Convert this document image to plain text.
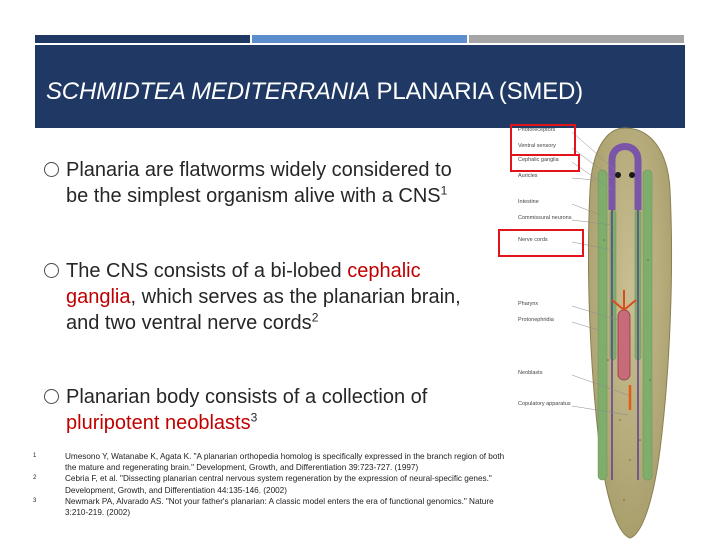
SCHMIDTEA MEDITERRANIA PLANARIA (SMED)
Planaria are flatworms widely considered to be the simplest organism alive with a CNS$^1$
The CNS consists of a bi-lobed cephalic ganglia, which serves as the planarian brain, and two ventral nerve cords$^2$
Planarian body consists of a collection of pluripotent neoblasts$^3$
1	Umesono Y, Watanabe K, Agata K. "A planarian orthopedia homolog is specifically expressed in the branch region of both the mature and regenerating brain." Development, Growth, and Differentiation 39:723-727. (1997)
2	Cebria F, et al. "Dissecting planarian central nervous system regeneration by the expression of neural-specific genes." Development, Growth, and Differentiation 44:135-146. (2002)
3	Newmark PA, Alvarado AS. "Not your father's planarian: A classic model enters the era of functional genomics." Nature 3:210-219. (2002)
Photoreceptors
Ventral sensory
Cephalic ganglia
Auricles
Intestine
Commissural neurons
Nerve cords
Pharynx
Protonephridia
Neoblasts
Copulatory apparatus
